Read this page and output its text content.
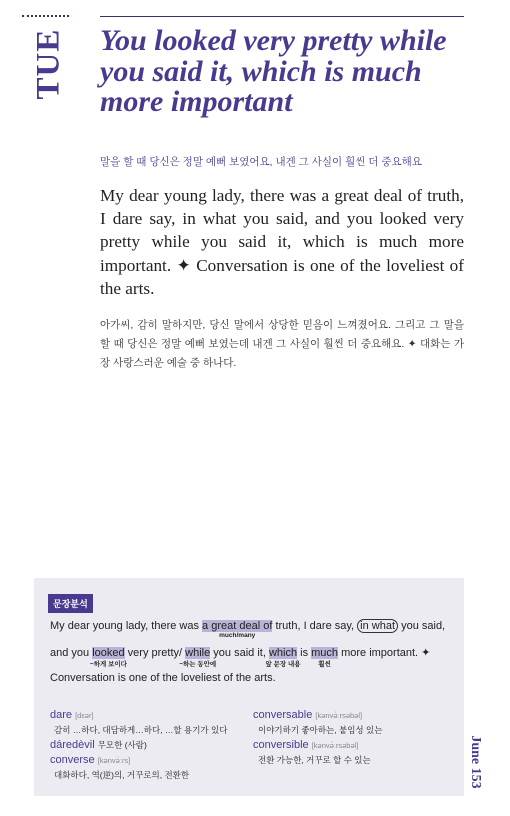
TUE You looked very pretty while you said it, which is much more important
말을 할 때 당신은 정말 예뻐 보였어요, 내겐 그 사실이 훨씬 더 중요해요
My dear young lady, there was a great deal of truth, I dare say, in what you said, and you looked very pretty while you said it, which is much more important. ✦ Conversation is one of the loveliest of the arts.
아가씨, 감히 말하지만, 당신 말에서 상당한 믿음이 느껴졌어요. 그리고 그 말을 할 때 당신은 정말 예뻐 보였는데 내겐 그 사실이 훨씬 더 중요해요. ✦ 대화는 가장 사랑스러운 예술 중 하나다.
문장분석
My dear young lady, there was a great deal of
much/many
truth, I dare say, in what you said,
and you looked
~하게 보이다
very pretty/ while
~하는 동안에
you said it, which
앞 문장 내용
is much
훨씬
more important. ✦
Conversation is one of the loveliest of the arts.
dare [dɛər]
감히 …하다, 대담하게…하다, …할 용기가 있다
dáredèvil 무모한 (사람)
converse [kənvə́ːrs]
대화하다, 역(逆)의, 거꾸로의, 전환한
conversable [kənvə́ːrsəbəl]
이야기하기 좋아하는, 붙임성 있는
conversible [kənvə́ːrsəbəl]
전환 가능한, 거꾸로 할 수 있는	June 153
